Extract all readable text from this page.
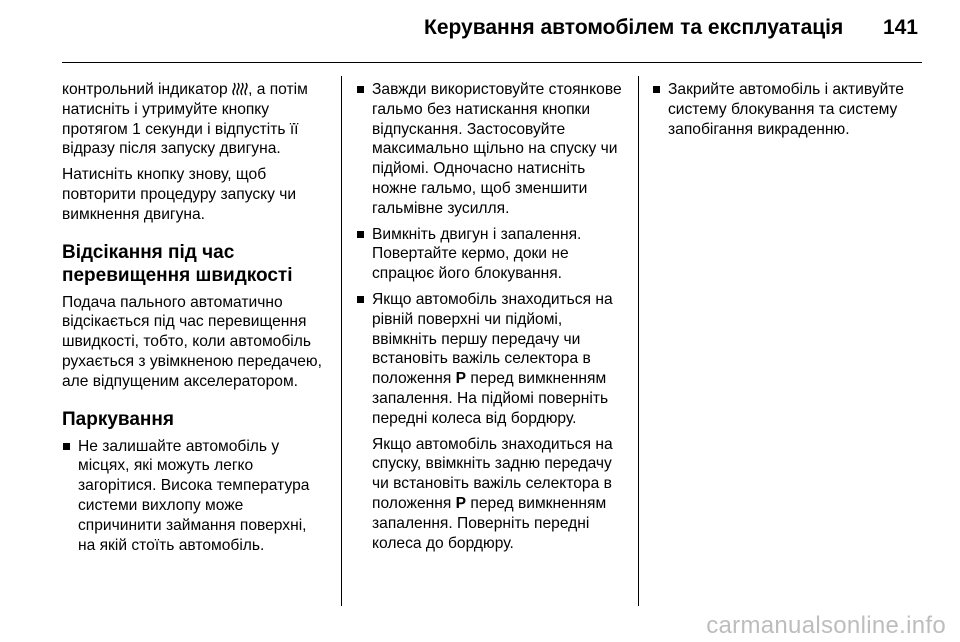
Керування автомобілем та експлуатація 141

контрольний індикатор , а потім натисніть і утримуйте кнопку протягом 1 секунди і відпустіть її відразу після запуску двигуна.

Натисніть кнопку знову, щоб повторити процедуру запуску чи вимкнення двигуна.

Відсікання під час перевищення швидкості

Подача пального автоматично відсікається під час перевищення швидкості, тобто, коли автомобіль рухається з увімкненою передачею, але відпущеним акселератором.

Паркування
Не залишайте автомобіль у місцях, які можуть легко загорітися. Висока температура системи вихлопу може спричинити займання поверхні, на якій стоїть автомобіль.
Завжди використовуйте стоянкове гальмо без натискання кнопки відпускання. Застосовуйте максимально щільно на спуску чи підйомі. Одночасно натисніть ножне гальмо, щоб зменшити гальмівне зусилля.
Вимкніть двигун і запалення. Повертайте кермо, доки не спрацює його блокування.
Якщо автомобіль знаходиться на рівній поверхні чи підйомі, ввімкніть першу передачу чи встановіть важіль селектора в положення P перед вимкненням запалення. На підйомі поверніть передні колеса від бордюру.
Якщо автомобіль знаходиться на спуску, ввімкніть задню передачу чи встановіть важіль селектора в положення P перед вимкненням запалення. Поверніть передні колеса до бордюру.
Закрийте автомобіль і активуйте систему блокування та систему запобігання викраденню.
carmanualsonline.info
